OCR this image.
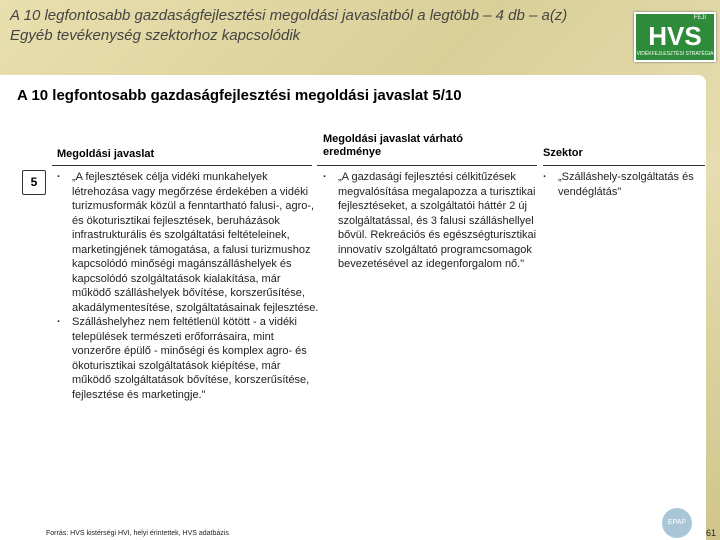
A 10 legfontosabb gazdaságfejlesztési megoldási javaslatból a legtöbb – 4 db – a(z) Egyéb tevékenység szektorhoz kapcsolódik
FEJI
HVS
VIDÉKFEJLESZTÉSI STRATÉGIA
A 10 legfontosabb gazdaságfejlesztési megoldási javaslat 5/10
Megoldási javaslat
Megoldási javaslat várható eredménye	Szektor
5	· „A fejlesztések célja vidéki munkahelyek létrehozása vagy megőrzése érdekében a vidéki turizmusformák közül a fenntartható falusi-, agro-, és ökoturisztikai fejlesztések, beruházások infrastrukturális és szolgáltatási feltételeinek, marketingjének támogatása, a falusi turizmushoz kapcsolódó minőségi magánszálláshelyek és kapcsolódó szolgáltatások kialakítása, már működő szálláshelyek bővítése, korszerűsítése, akadálymentesítése, szolgáltatásainak fejlesztése.
· Szálláshelyhez nem feltétlenül kötött - a vidéki települések természeti erőforrásaira, mint vonzerőre épülő - minőségi és komplex agro- és ökoturisztikai szolgáltatások kiépítése, már működő szolgáltatások bővítése, korszerűsítése, fejlesztése és marketingje."
· „A gazdasági fejlesztési célkitűzések megvalósítása megalapozza a turisztikai fejlesztéseket, a szolgáltatói háttér 2 új szolgáltatással, és 3 falusi szálláshellyel bővül. Rekreációs és egészségturisztikai innovatív szolgáltató programcsomagok bevezetésével az idegenforgalom nő."
· „Szálláshely-szolgáltatás és vendéglátás"
Forrás: HVS kistérségi HVI, helyi érintettek, HVS adatbázis
EPAP
61
